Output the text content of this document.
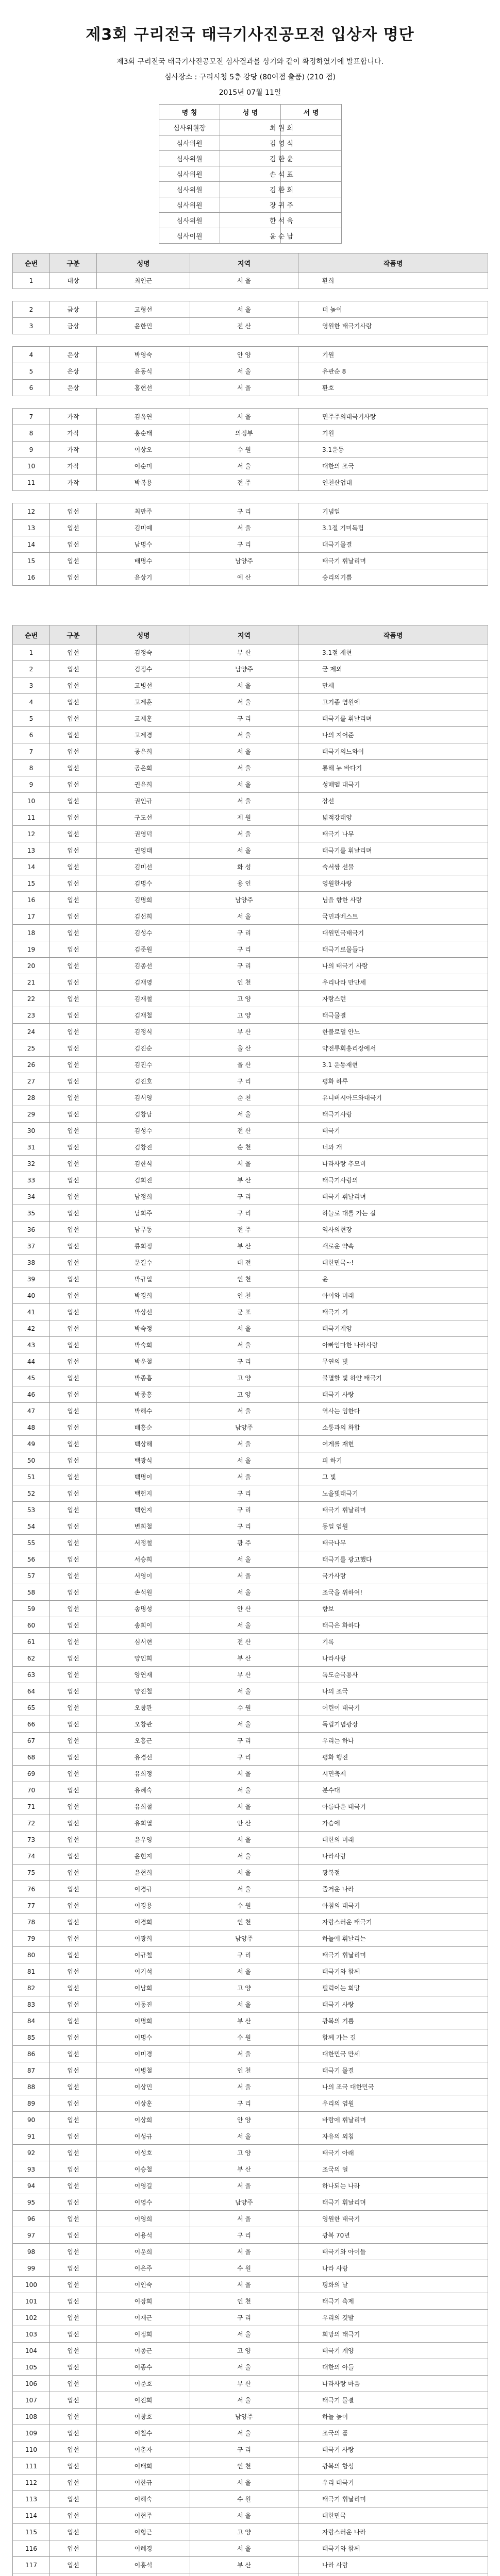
제3회 구리전국 태극기사진공모전 입상자 명단
제3회 구리전국 태극기사진공모전 심사결과를 상기와 같이 확정하였기에 발표합니다.
심사장소 : 구리시청 5층 강당 (80여점 출품) (210 점)
2015년 07월 11일
명 칭	성 명	서 명
심사위원장	최 원 희	
심사위원	김 영 식	
심사위원	김 한 윤	
심사위원	손 석 표	
심사위원	김 환 희	
심사위원	장 귀 주	
심사위원	한 석 욱	
심사이원	윤 순 남	
순번	구분	성명	지역	작품명
1	대상	최인근	서 울	환희

2	금상	고형선	서 울	더 높이
3	금상	윤한민	전 산	영원한 태극기사랑

4	은상	박영숙	안 양	기원
5	은상	윤동식	서 울	유관순 8
6	은상	홍현선	서 울	환호

7	가작	김옥연	서 울	민주주의태극기사랑
8	가작	홍순태	의정부	기원
9	가작	이상오	수 원	3.1운동
10	가작	이순미	서 울	대한의 조국
11	가작	박복용	전 주	인천산업대

12	입선	최만주	구 리	기념일
13	입선	김미예	서 울	3.1절 기미독립
14	입선	남명수	구 리	대극기물결
15	입선	배명수	남양주	태극기 휘날리며
16	입선	윤상기	예 산	숭리의기쁨
순번	구분	성명	지역	작품명
1	입선	김정숙	부 산	3.1절 재현
2	입선	김정수	남양주	굳 제외
3	입선	고병선	서 울	만세
4	입선	고제훈	서 울	고기종 염원에
5	입선	고제훈	구 리	태극기를 휘날리며
6	입선	고제경	서 울	나의 지어준
7	입선	공은희	서 울	태극기의느와이
8	입선	공은희	서 울	통해 뉴 바다기
9	입선	권윤희	서 울	성매멜 대극기
10	입선	권인규	서 울	장선
11	입선	구도선	제 원	넓적강태양
12	입선	권영덕	서 울	태극기 나무
13	입선	권영태	서 울	태극기를 휘날리며
14	입선	김미선	화 성	숙서쌍 선물
15	입선	김명수	용 인	영원한사랑
16	입선	김명희	남양주	님을 향한 사랑
17	입선	김선희	서 울	국민과베스트
18	입선	김성수	구 리	대원민국태극기
19	입선	김준원	구 리	태극기로물들다
20	입선	김종선	구 리	나의 태극기 사랑
21	입선	김재영	인 천	우리나라 만만세
22	입선	김재철	고 양	자랑스런
23	입선	김재철	고 양	태극물결
24	입선	김정식	부 산	한불로덜 안노
25	입선	김진순	울 산	약전투회흥리장에서
26	입선	김진수	울 산	3.1 운동재현
27	입선	김진호	구 리	평화 하루
28	입선	김서영	순 천	유니버시아드와대극기
29	입선	김창남	서 울	태극기사랑
30	입선	김성수	전 산	태극기
31	입선	김창진	순 천	너와 개
32	입선	김한식	서 울	나라사랑 추모비
33	입선	김희진	부 산	태극기사랑의
34	입선	남정희	구 리	태극기 휘날리며
35	입선	남희주	구 리	하늘로 대를 가는 길
36	입선	남무동	전 주	역사의현장
37	입선	류희정	부 산	새로운 약속
38	입선	문길수	대 전	대한민국~!
39	입선	박규일	인 천	윤
40	입선	박경희	인 천	아이와 미래
41	입선	박상선	군 포	태극기 기
42	입선	박숙정	서 울	태극기게양
43	입선	박숙희	서 울	아빠엄마한 나라사랑
44	입선	박운철	구 리	무연의 빛
45	입선	박종흠	고 양	불멸할 빛 하얀 태극기
46	입선	박종흥	고 양	태극기 사랑
47	입선	박해수	서 울	역사는 임한다
48	입선	배흥순	남양주	소통과의 화합
49	입선	백상해	서 울	여게를 재현
50	입선	백광식	서 울	피 하기
51	입선	백명이	서 울	그 빛
52	입선	백헌지	구 리	노을빛태극기
53	입선	백헌지	구 리	태극기 휘날리며
54	입선	변희철	구 리	동일 염원
55	입선	서정철	광 주	태극나무
56	입선	서승희	서 울	태극기를 광고했다
57	입선	서영이	서 울	국가사랑
58	입선	손석원	서 울	조국을 위하여!
59	입선	송명성	안 산	향보
60	입선	송희이	서 울	태극은 화하다
61	입선	심서현	전 산	기록
62	입선	양인희	부 산	나라사랑
63	입선	양연재	부 산	독도순국용사
64	입선	양진철	서 울	나의 조국
65	입선	오창관	수 원	어린이 태극기
66	입선	오창관	서 울	독립기념광장
67	입선	오흥근	구 리	우리는 하나
68	입선	유경선	구 리	평화 행진
69	입선	유희정	서 울	시민축제
70	입선	유혜숙	서 울	분수대
71	입선	유희철	서 울	아름다운 태극기
72	입선	유희열	안 산	가슴에
73	입선	윤우영	서 울	대한의 미래
74	입선	윤현지	서 울	나라사랑
75	입선	윤현희	서 울	광복절
76	입선	이경규	서 울	즐거운 나라
77	입선	이경용	수 원	아침의 태극기
78	입선	이경희	인 천	자랑스러운 태극기
79	입선	이광희	남양주	하늘에 휘날리는
80	입선	이규철	구 리	태극기 휘날리며
81	입선	이기석	서 울	태극기와 함께
82	입선	이남희	고 양	펄럭이는 희망
83	입선	이동진	서 울	태극기 사랑
84	입선	이명희	부 산	광복의 기쁨
85	입선	이명수	수 원	함께 가는 길
86	입선	이미경	서 울	대한민국 만세
87	입선	이병철	인 천	태극기 물결
88	입선	이상민	서 울	나의 조국 대한민국
89	입선	이상훈	구 리	우리의 염원
90	입선	이상희	안 양	바람에 휘날리며
91	입선	이성규	서 울	자유의 외침
92	입선	이성호	고 양	태극기 아래
93	입선	이승철	부 산	조국의 얼
94	입선	이영길	서 울	하나되는 나라
95	입선	이영수	남양주	태극기 휘날리며
96	입선	이영희	서 울	영원한 태극기
97	입선	이용석	구 리	광복 70년
98	입선	이운희	서 울	태극기와 아이들
99	입선	이은주	수 원	나라 사랑
100	입선	이인숙	서 울	평화의 날
101	입선	이장희	인 천	태극기 축제
102	입선	이재근	구 리	우리의 깃발
103	입선	이정희	서 울	희망의 태극기
104	입선	이종근	고 양	태극기 게양
105	입선	이종수	서 울	대한의 아들
106	입선	이준호	부 산	나라사랑 마음
107	입선	이진희	서 울	태극기 물결
108	입선	이창호	남양주	하늘 높이
109	입선	이철수	서 울	조국의 품
110	입선	이춘자	구 리	태극기 사랑
111	입선	이태희	인 천	광복의 함성
112	입선	이한규	서 울	우리 태극기
113	입선	이해숙	수 원	태극기 휘날리며
114	입선	이현주	서 울	대한민국
115	입선	이형근	고 양	자랑스러운 나라
116	입선	이혜경	서 울	태극기와 함께
117	입선	이홍석	부 산	나라 사랑
